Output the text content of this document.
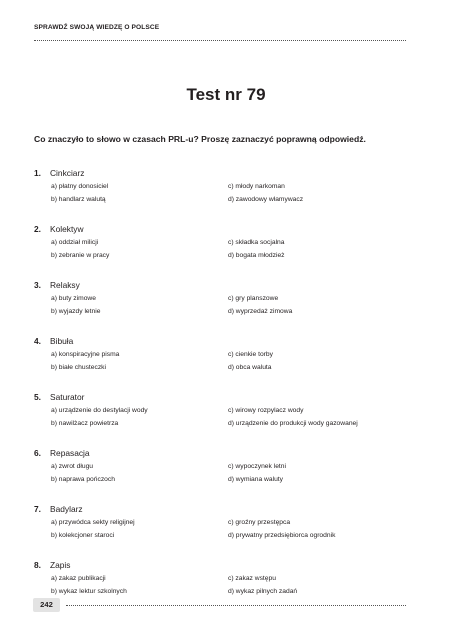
SPRAWDŹ SWOJĄ WIEDZĘ O POLSCE
Test nr 79
Co znaczyło to słowo w czasach PRL-u? Proszę zaznaczyć poprawną odpowiedź.
1. Cinkciarz
a) płatny donosiciel
b) handlarz walutą
c) młody narkoman
d) zawodowy włamywacz
2. Kolektyw
a) oddział milicji
b) zebranie w pracy
c) składka socjalna
d) bogata młodzież
3. Relaksy
a) buty zimowe
b) wyjazdy letnie
c) gry planszowe
d) wyprzedaż zimowa
4. Bibuła
a) konspiracyjne pisma
b) białe chusteczki
c) cienkie torby
d) obca waluta
5. Saturator
a) urządzenie do destylacji wody
b) nawilżacz powietrza
c) wirowy rozpylacz wody
d) urządzenie do produkcji wody gazowanej
6. Repasacja
a) zwrot długu
b) naprawa pończoch
c) wypoczynek letni
d) wymiana waluty
7. Badylarz
a) przywódca sekty religijnej
b) kolekcjoner staroci
c) groźny przestępca
d) prywatny przedsiębiorca ogrodnik
8. Zapis
a) zakaz publikacji
b) wykaz lektur szkolnych
c) zakaz wstępu
d) wykaz pilnych zadań
242
